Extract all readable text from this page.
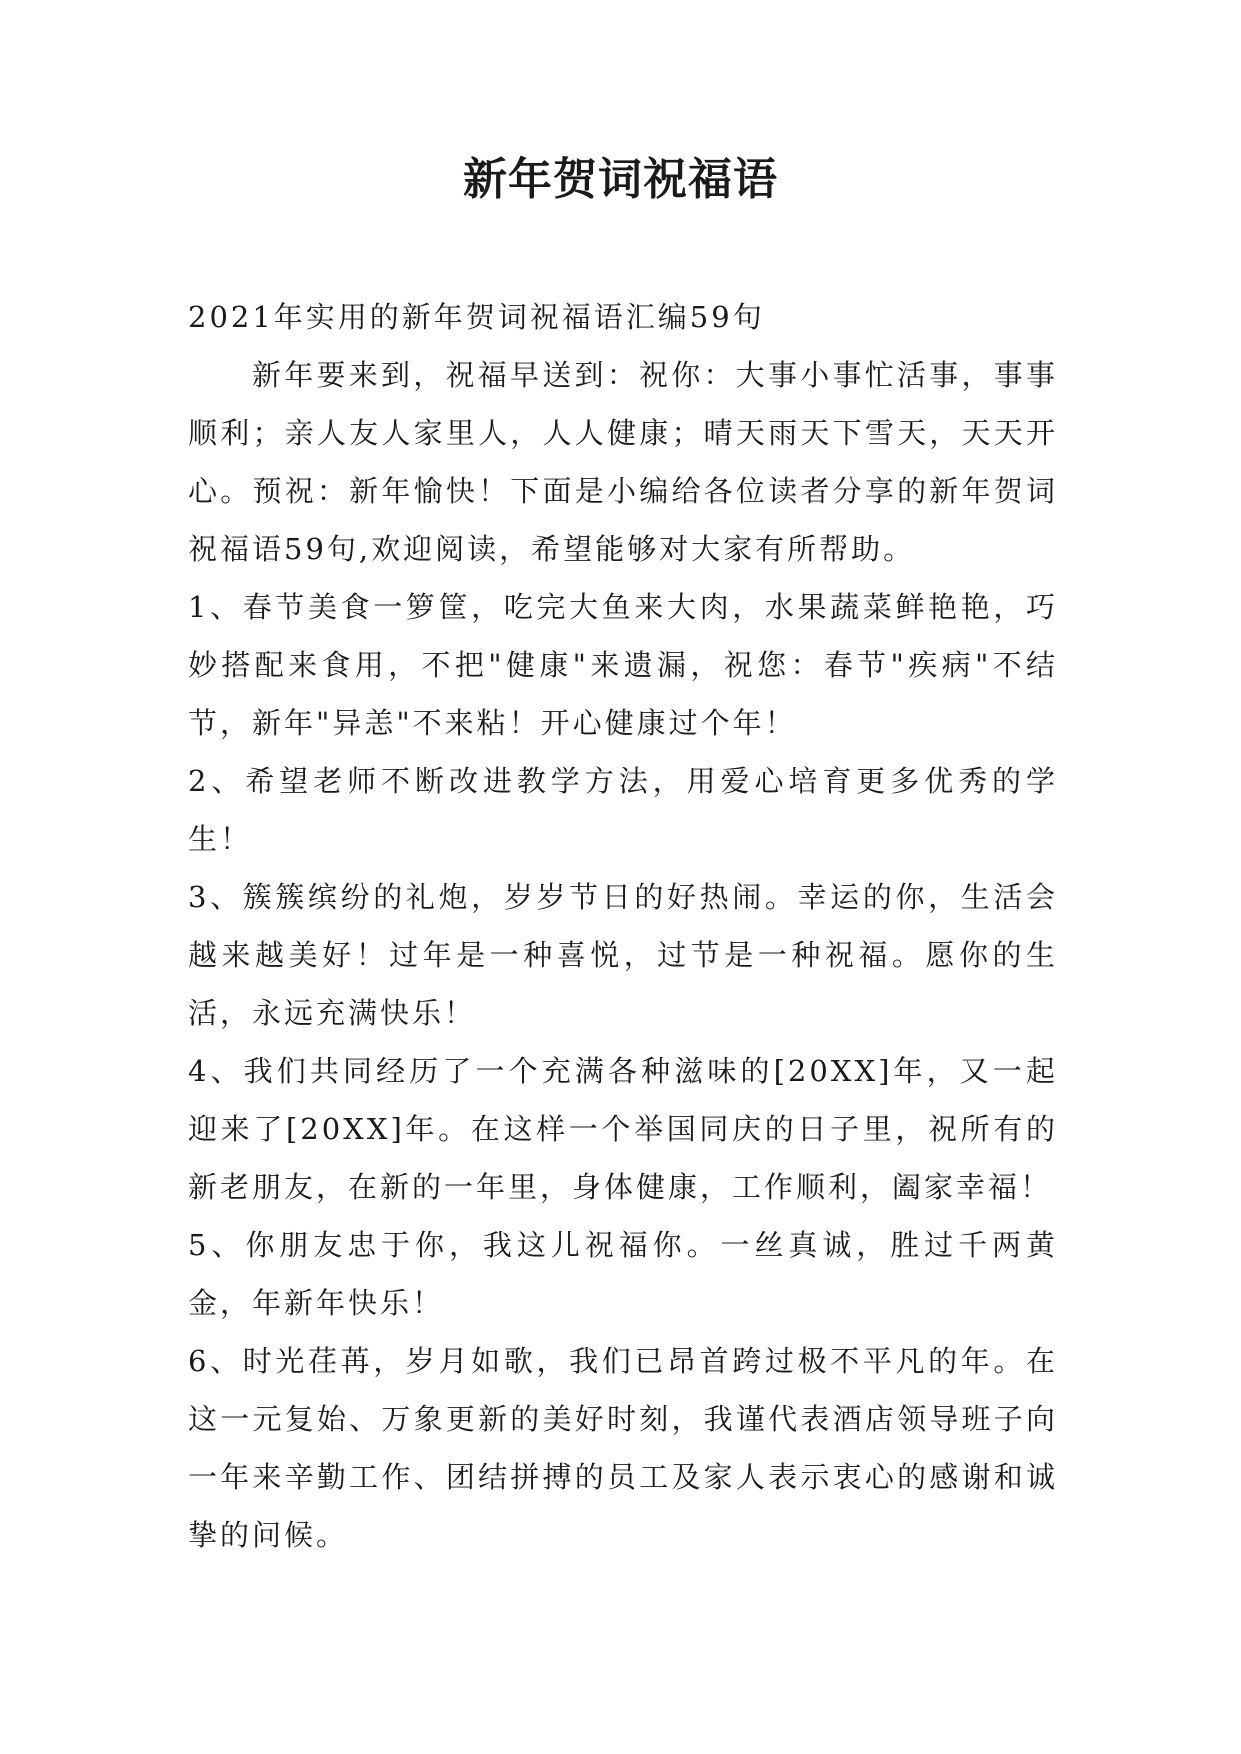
新年贺词祝福语

2021年实用的新年贺词祝福语汇编59句

新年要来到，祝福早送到：祝你：大事小事忙活事，事事顺利；亲人友人家里人，人人健康；晴天雨天下雪天，天天开心。预祝：新年愉快！下面是小编给各位读者分享的新年贺词祝福语59句,欢迎阅读，希望能够对大家有所帮助。

1、春节美食一箩筐，吃完大鱼来大肉，水果蔬菜鲜艳艳，巧妙搭配来食用，不把"健康"来遗漏，祝您：春节"疾病"不结节，新年"异恙"不来粘！开心健康过个年！

2、希望老师不断改进教学方法，用爱心培育更多优秀的学生！

3、簇簇缤纷的礼炮，岁岁节日的好热闹。幸运的你，生活会越来越美好！过年是一种喜悦，过节是一种祝福。愿你的生活，永远充满快乐！

4、我们共同经历了一个充满各种滋味的[20XX]年，又一起迎来了[20XX]年。在这样一个举国同庆的日子里，祝所有的新老朋友，在新的一年里，身体健康，工作顺利，阖家幸福！

5、你朋友忠于你，我这儿祝福你。一丝真诚，胜过千两黄金，年新年快乐！

6、时光荏苒，岁月如歌，我们已昂首跨过极不平凡的年。在这一元复始、万象更新的美好时刻，我谨代表酒店领导班子向一年来辛勤工作、团结拼搏的员工及家人表示衷心的感谢和诚挚的问候。
